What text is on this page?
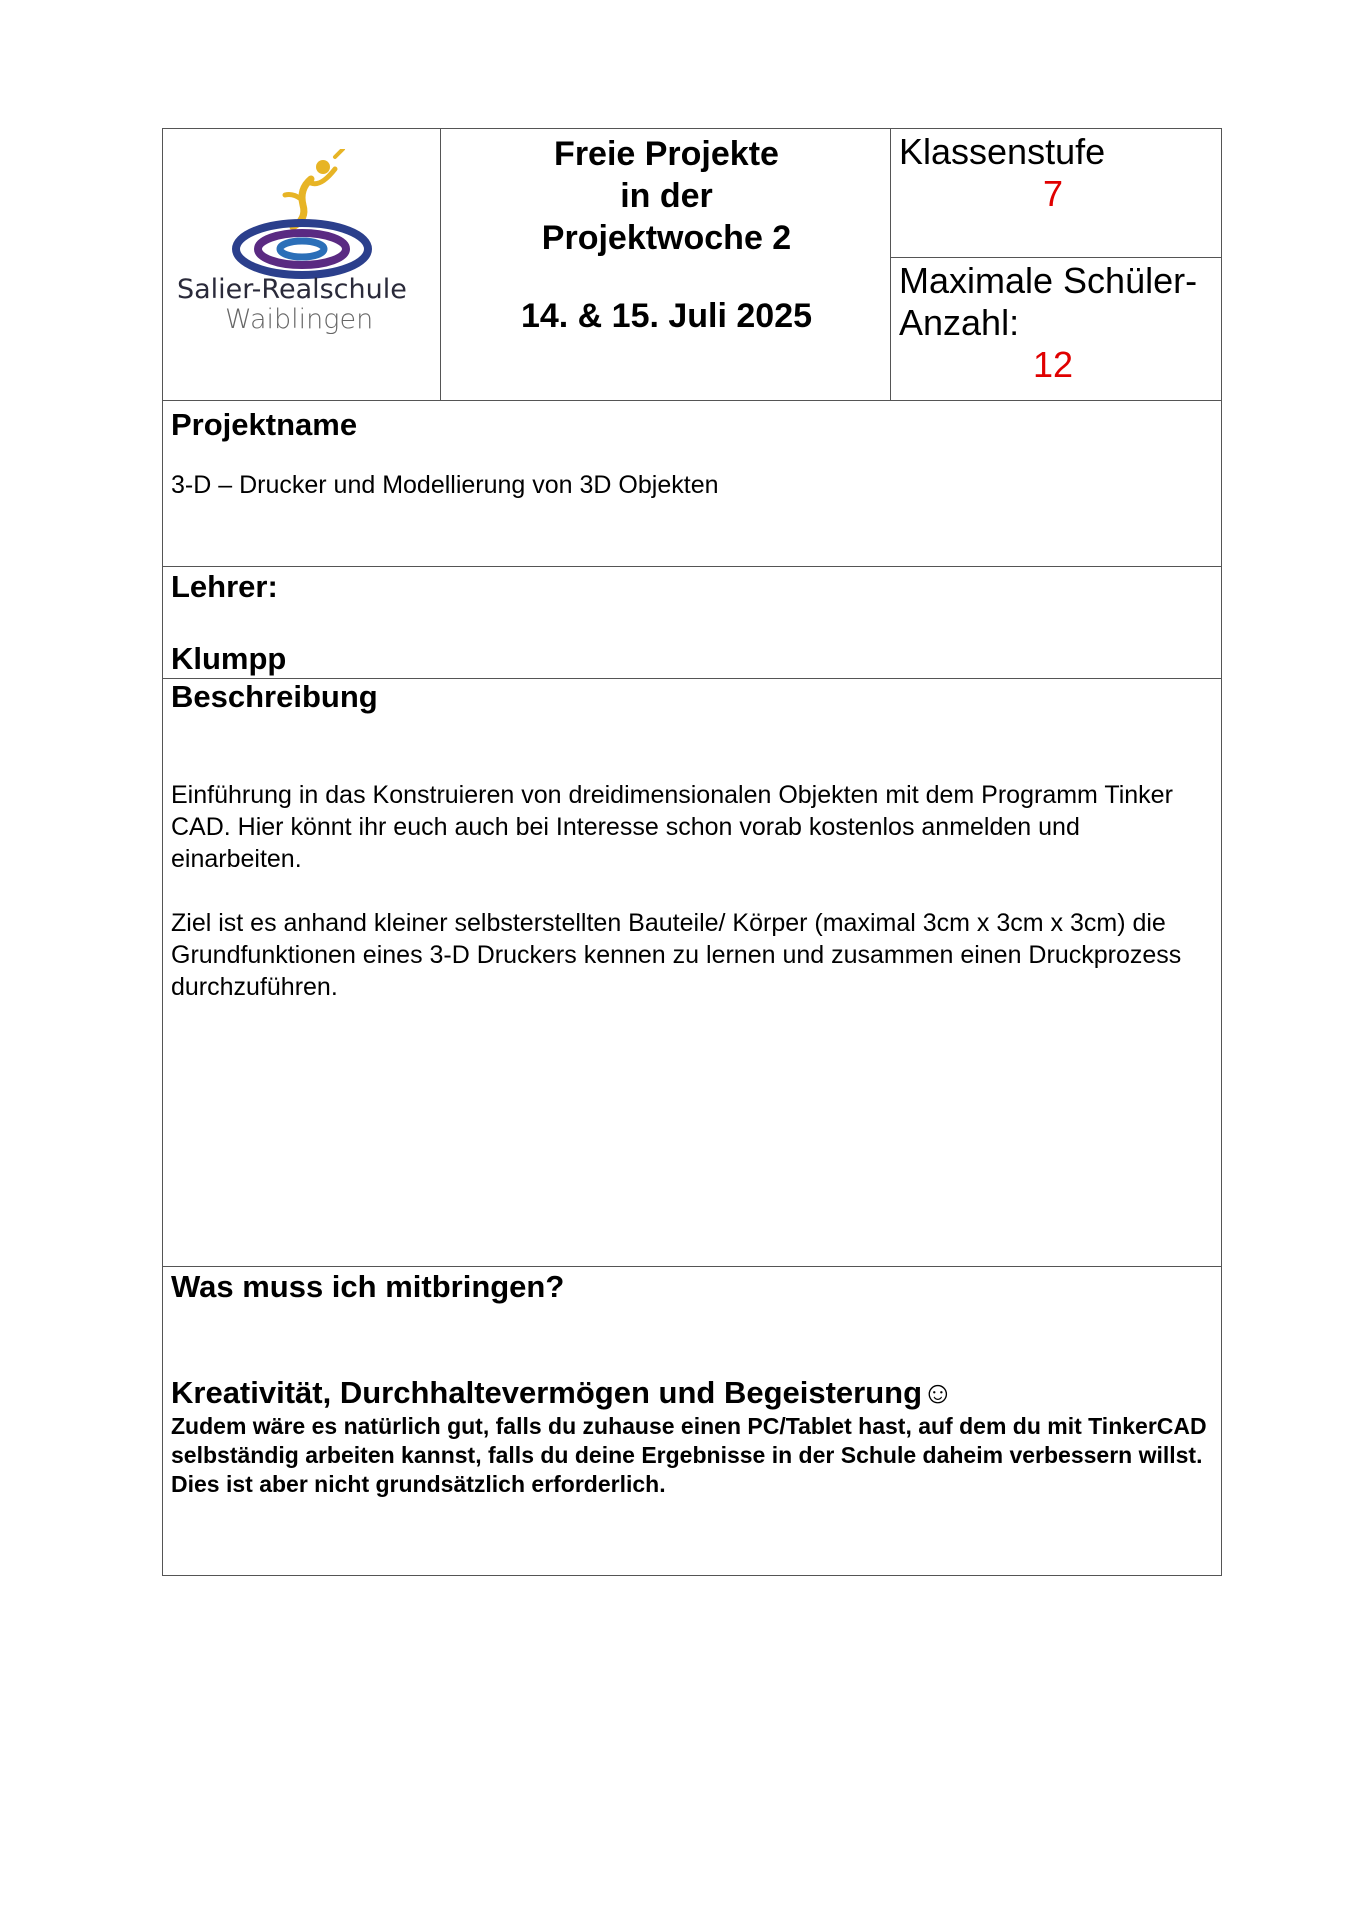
Salier-Realschule
Waiblingen
Freie Projekte
in der
Projektwoche 2
14. & 15. Juli 2025
Klassenstufe
7
Maximale Schüler-
Anzahl:
12
Projektname
3-D – Drucker und Modellierung von 3D Objekten
Lehrer:
Klumpp
Beschreibung
Einführung in das Konstruieren von dreidimensionalen Objekten mit dem Programm Tinker CAD. Hier könnt ihr euch auch bei Interesse schon vorab kostenlos anmelden und einarbeiten.
Ziel ist es anhand kleiner selbsterstellten Bauteile/ Körper (maximal 3cm x 3cm x 3cm) die Grundfunktionen eines 3-D Druckers kennen zu lernen und zusammen einen Druckprozess durchzuführen.
Was muss ich mitbringen?
Kreativität, Durchhaltevermögen und Begeisterung☺
Zudem wäre es natürlich gut, falls du zuhause einen PC/Tablet hast, auf dem du mit TinkerCAD selbständig arbeiten kannst, falls du deine Ergebnisse in der Schule daheim verbessern willst. Dies ist aber nicht grundsätzlich erforderlich.
